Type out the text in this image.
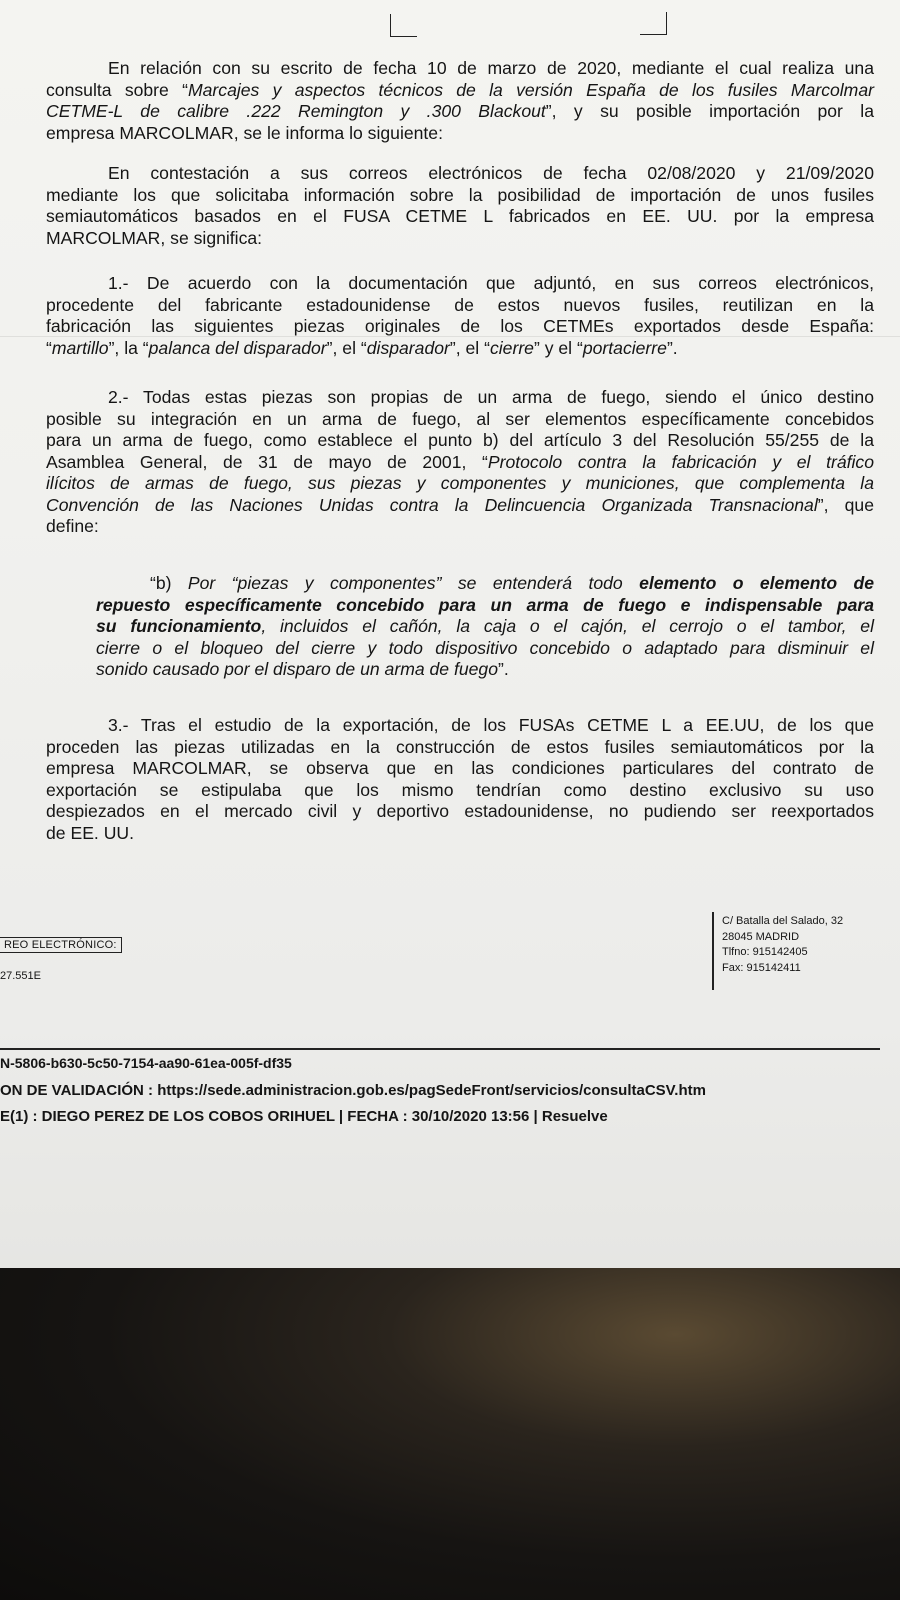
En relación con su escrito de fecha 10 de marzo de 2020, mediante el cual realiza una
consulta sobre “Marcajes y aspectos técnicos de la versión España de los fusiles Marcolmar
CETME-L de calibre .222 Remington y .300 Blackout”, y su posible importación por la
empresa MARCOLMAR, se le informa lo siguiente:
En contestación a sus correos electrónicos de fecha 02/08/2020 y 21/09/2020
mediante los que solicitaba información sobre la posibilidad de importación de unos fusiles
semiautomáticos basados en el FUSA CETME L fabricados en EE. UU. por la empresa
MARCOLMAR, se significa:
1.- De acuerdo con la documentación que adjuntó, en sus correos electrónicos,
procedente del fabricante estadounidense de estos nuevos fusiles, reutilizan en la
fabricación las siguientes piezas originales de los CETMEs exportados desde España:
“martillo”, la “palanca del disparador”, el “disparador”, el “cierre” y el “portacierre”.
2.- Todas estas piezas son propias de un arma de fuego, siendo el único destino
posible su integración en un arma de fuego, al ser elementos específicamente concebidos
para un arma de fuego, como establece el punto b) del artículo 3 del Resolución 55/255 de la
Asamblea General, de 31 de mayo de 2001, “Protocolo contra la fabricación y el tráfico
ilícitos de armas de fuego, sus piezas y componentes y municiones, que complementa la
Convención de las Naciones Unidas contra la Delincuencia Organizada Transnacional”, que
define:
“b) Por “piezas y componentes” se entenderá todo elemento o elemento de
repuesto específicamente concebido para un arma de fuego e indispensable para
su funcionamiento, incluidos el cañón, la caja o el cajón, el cerrojo o el tambor, el
cierre o el bloqueo del cierre y todo dispositivo concebido o adaptado para disminuir el
sonido causado por el disparo de un arma de fuego”.
3.- Tras el estudio de la exportación, de los FUSAs CETME L a EE.UU, de los que
proceden las piezas utilizadas en la construcción de estos fusiles semiautomáticos por la
empresa MARCOLMAR, se observa que en las condiciones particulares del contrato de
exportación se estipulaba que los mismo tendrían como destino exclusivo su uso
despiezados en el mercado civil y deportivo estadounidense, no pudiendo ser reexportados
de EE. UU.
REO ELECTRÓNICO:
27.551E
C/ Batalla del Salado, 32
28045 MADRID
Tlfno: 915142405
Fax: 915142411
N-5806-b630-5c50-7154-aa90-61ea-005f-df35
ON DE VALIDACIÓN : https://sede.administracion.gob.es/pagSedeFront/servicios/consultaCSV.htm
E(1) : DIEGO PEREZ DE LOS COBOS ORIHUEL | FECHA : 30/10/2020 13:56 | Resuelve
